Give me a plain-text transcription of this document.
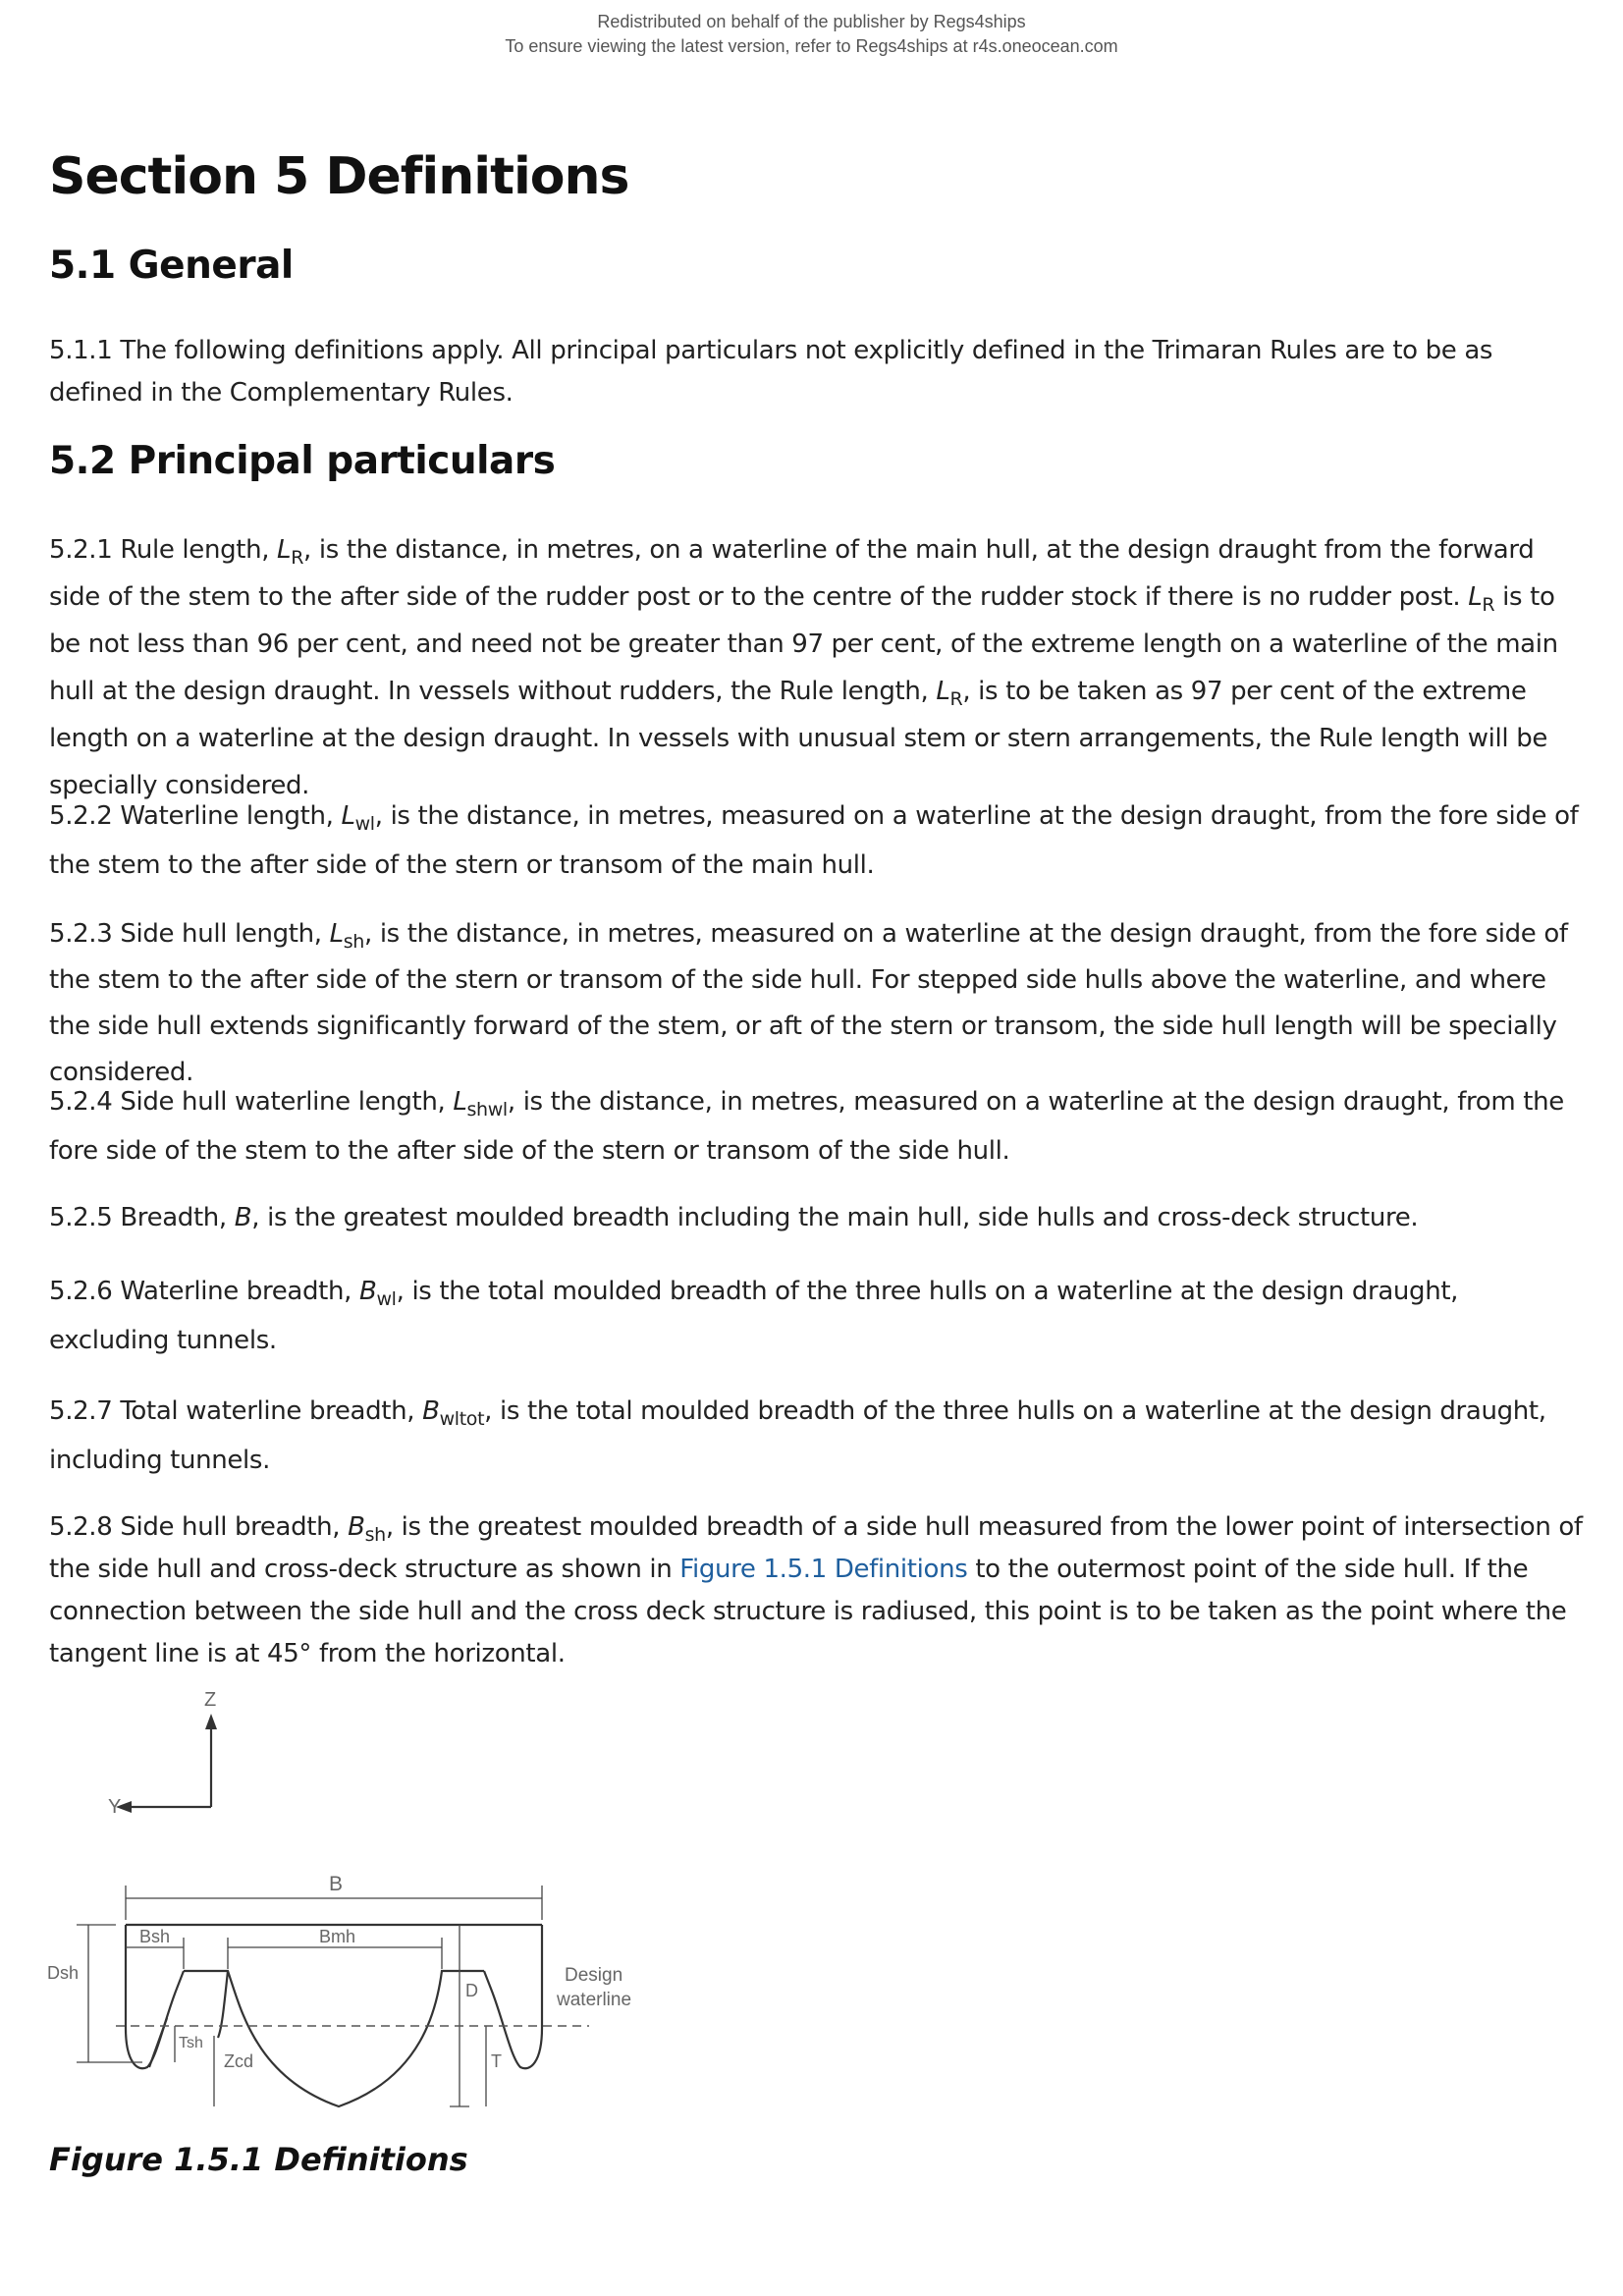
Redistributed on behalf of the publisher by Regs4ships
To ensure viewing the latest version, refer to Regs4ships at r4s.oneocean.com
Section 5 Definitions
5.1 General

5.1.1 The following definitions apply. All principal particulars not explicitly defined in the Trimaran Rules are to be as defined in the Complementary Rules.

5.2 Principal particulars

5.2.1 Rule length, $L_R$, is the distance, in metres, on a waterline of the main hull, at the design draught from the forward side of the stem to the after side of the rudder post or to the centre of the rudder stock if there is no rudder post. $L_R$ is to be not less than 96 per cent, and need not be greater than 97 per cent, of the extreme length on a waterline of the main hull at the design draught. In vessels without rudders, the Rule length, $L_R$, is to be taken as 97 per cent of the extreme length on a waterline at the design draught. In vessels with unusual stem or stern arrangements, the Rule length will be specially considered.

5.2.2 Waterline length, $L_{wl}$, is the distance, in metres, measured on a waterline at the design draught, from the fore side of the stem to the after side of the stern or transom of the main hull.

5.2.3 Side hull length, $L_{sh}$, is the distance, in metres, measured on a waterline at the design draught, from the fore side of the stem to the after side of the stern or transom of the side hull. For stepped side hulls above the waterline, and where the side hull extends significantly forward of the stem, or aft of the stern or transom, the side hull length will be specially considered.

5.2.4 Side hull waterline length, $L_{shwl}$, is the distance, in metres, measured on a waterline at the design draught, from the fore side of the stem to the after side of the stern or transom of the side hull.

5.2.5 Breadth, B, is the greatest moulded breadth including the main hull, side hulls and cross-deck structure.

5.2.6 Waterline breadth, $B_{wl}$, is the total moulded breadth of the three hulls on a waterline at the design draught, excluding tunnels.

5.2.7 Total waterline breadth, $B_{wltot}$, is the total moulded breadth of the three hulls on a waterline at the design draught, including tunnels.

5.2.8 Side hull breadth, $B_{sh}$, is the greatest moulded breadth of a side hull measured from the lower point of intersection of the side hull and cross-deck structure as shown in Figure 1.5.1 Definitions to the outermost point of the side hull. If the connection between the side hull and the cross deck structure is radiused, this point is to be taken as the point where the tangent line is at 45° from the horizontal.

Z
Y
B
Bsh	Bmh
Dsh
D
Tsh
Zcd	T
Design
waterline

Figure 1.5.1 Definitions
